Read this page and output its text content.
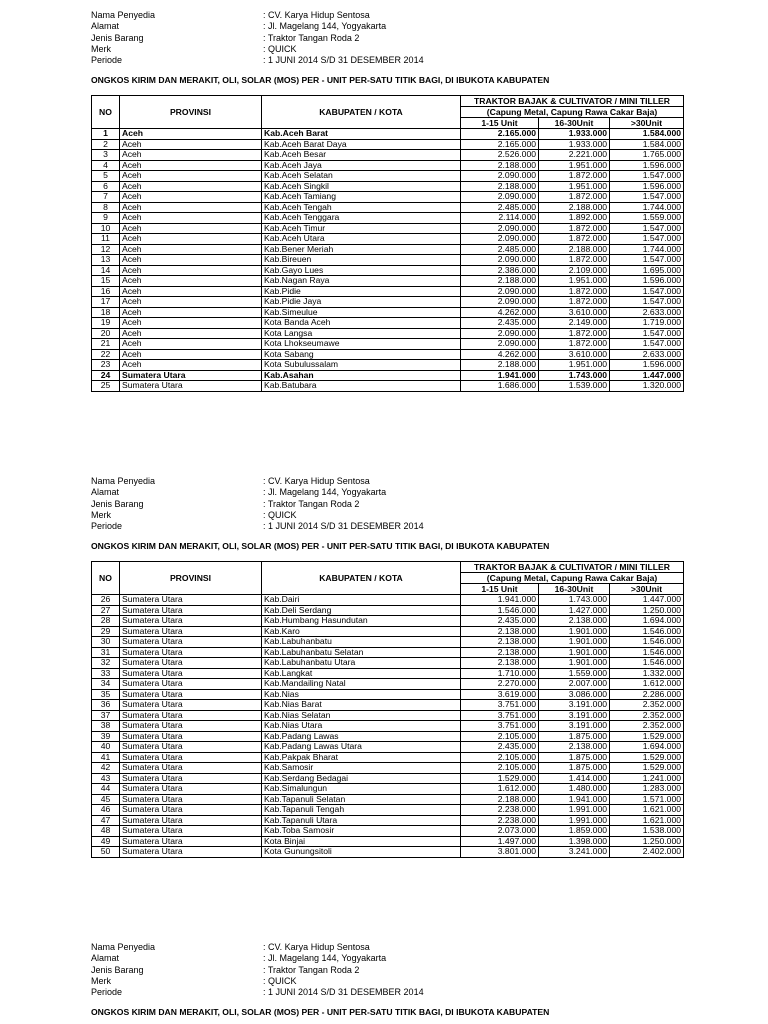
Nama Penyedia	: CV. Karya Hidup Sentosa
Alamat	: Jl. Magelang 144, Yogyakarta
Jenis Barang	: Traktor Tangan Roda 2
Merk	: QUICK
Periode	: 1 JUNI 2014 S/D 31 DESEMBER 2014
ONGKOS KIRIM DAN MERAKIT, OLI, SOLAR (MOS) PER - UNIT PER-SATU TITIK BAGI, DI IBUKOTA KABUPATEN
NO	PROVINSI	KABUPATEN / KOTA	TRAKTOR BAJAK & CULTIVATOR / MINI TILLER		
			(Capung Metal, Capung Rawa Cakar Baja)		
			1-15 Unit	16-30Unit	>30Unit
1	Aceh	Kab.Aceh Barat	2.165.000	1.933.000	1.584.000
2	Aceh	Kab.Aceh Barat Daya	2.165.000	1.933.000	1.584.000
3	Aceh	Kab.Aceh Besar	2.526.000	2.221.000	1.765.000
4	Aceh	Kab.Aceh Jaya	2.188.000	1.951.000	1.596.000
5	Aceh	Kab.Aceh Selatan	2.090.000	1.872.000	1.547.000
6	Aceh	Kab.Aceh Singkil	2.188.000	1.951.000	1.596.000
7	Aceh	Kab.Aceh Tamiang	2.090.000	1.872.000	1.547.000
8	Aceh	Kab.Aceh Tengah	2.485.000	2.188.000	1.744.000
9	Aceh	Kab.Aceh Tenggara	2.114.000	1.892.000	1.559.000
10	Aceh	Kab.Aceh Timur	2.090.000	1.872.000	1.547.000
11	Aceh	Kab.Aceh Utara	2.090.000	1.872.000	1.547.000
12	Aceh	Kab.Bener Meriah	2.485.000	2.188.000	1.744.000
13	Aceh	Kab.Bireuen	2.090.000	1.872.000	1.547.000
14	Aceh	Kab.Gayo Lues	2.386.000	2.109.000	1.695.000
15	Aceh	Kab.Nagan Raya	2.188.000	1.951.000	1.596.000
16	Aceh	Kab.Pidie	2.090.000	1.872.000	1.547.000
17	Aceh	Kab.Pidie Jaya	2.090.000	1.872.000	1.547.000
18	Aceh	Kab.Simeulue	4.262.000	3.610.000	2.633.000
19	Aceh	Kota Banda Aceh	2.435.000	2.149.000	1.719.000
20	Aceh	Kota Langsa	2.090.000	1.872.000	1.547.000
21	Aceh	Kota Lhokseumawe	2.090.000	1.872.000	1.547.000
22	Aceh	Kota Sabang	4.262.000	3.610.000	2.633.000
23	Aceh	Kota Subulussalam	2.188.000	1.951.000	1.596.000
24	Sumatera Utara	Kab.Asahan	1.941.000	1.743.000	1.447.000
25	Sumatera Utara	Kab.Batubara	1.686.000	1.539.000	1.320.000
Nama Penyedia	: CV. Karya Hidup Sentosa
Alamat	: Jl. Magelang 144, Yogyakarta
Jenis Barang	: Traktor Tangan Roda 2
Merk	: QUICK
Periode	: 1 JUNI 2014 S/D 31 DESEMBER 2014
ONGKOS KIRIM DAN MERAKIT, OLI, SOLAR (MOS) PER - UNIT PER-SATU TITIK BAGI, DI IBUKOTA KABUPATEN
NO	PROVINSI	KABUPATEN / KOTA	TRAKTOR BAJAK & CULTIVATOR / MINI TILLER		
			(Capung Metal, Capung Rawa Cakar Baja)		
			1-15 Unit	16-30Unit	>30Unit
26	Sumatera Utara	Kab.Dairi	1.941.000	1.743.000	1.447.000
27	Sumatera Utara	Kab.Deli Serdang	1.546.000	1.427.000	1.250.000
28	Sumatera Utara	Kab.Humbang Hasundutan	2.435.000	2.138.000	1.694.000
29	Sumatera Utara	Kab.Karo	2.138.000	1.901.000	1.546.000
30	Sumatera Utara	Kab.Labuhanbatu	2.138.000	1.901.000	1.546.000
31	Sumatera Utara	Kab.Labuhanbatu Selatan	2.138.000	1.901.000	1.546.000
32	Sumatera Utara	Kab.Labuhanbatu Utara	2.138.000	1.901.000	1.546.000
33	Sumatera Utara	Kab.Langkat	1.710.000	1.559.000	1.332.000
34	Sumatera Utara	Kab.Mandailing Natal	2.270.000	2.007.000	1.612.000
35	Sumatera Utara	Kab.Nias	3.619.000	3.086.000	2.286.000
36	Sumatera Utara	Kab.Nias Barat	3.751.000	3.191.000	2.352.000
37	Sumatera Utara	Kab.Nias Selatan	3.751.000	3.191.000	2.352.000
38	Sumatera Utara	Kab.Nias Utara	3.751.000	3.191.000	2.352.000
39	Sumatera Utara	Kab.Padang Lawas	2.105.000	1.875.000	1.529.000
40	Sumatera Utara	Kab.Padang Lawas Utara	2.435.000	2.138.000	1.694.000
41	Sumatera Utara	Kab.Pakpak Bharat	2.105.000	1.875.000	1.529.000
42	Sumatera Utara	Kab.Samosir	2.105.000	1.875.000	1.529.000
43	Sumatera Utara	Kab.Serdang Bedagai	1.529.000	1.414.000	1.241.000
44	Sumatera Utara	Kab.Simalungun	1.612.000	1.480.000	1.283.000
45	Sumatera Utara	Kab.Tapanuli Selatan	2.188.000	1.941.000	1.571.000
46	Sumatera Utara	Kab.Tapanuli Tengah	2.238.000	1.991.000	1.621.000
47	Sumatera Utara	Kab.Tapanuli Utara	2.238.000	1.991.000	1.621.000
48	Sumatera Utara	Kab.Toba Samosir	2.073.000	1.859.000	1.538.000
49	Sumatera Utara	Kota Binjai	1.497.000	1.398.000	1.250.000
50	Sumatera Utara	Kota Gunungsitoli	3.801.000	3.241.000	2.402.000
Nama Penyedia	: CV. Karya Hidup Sentosa
Alamat	: Jl. Magelang 144, Yogyakarta
Jenis Barang	: Traktor Tangan Roda 2
Merk	: QUICK
Periode	: 1 JUNI 2014 S/D 31 DESEMBER 2014
ONGKOS KIRIM DAN MERAKIT, OLI, SOLAR (MOS) PER - UNIT PER-SATU TITIK BAGI, DI IBUKOTA KABUPATEN
